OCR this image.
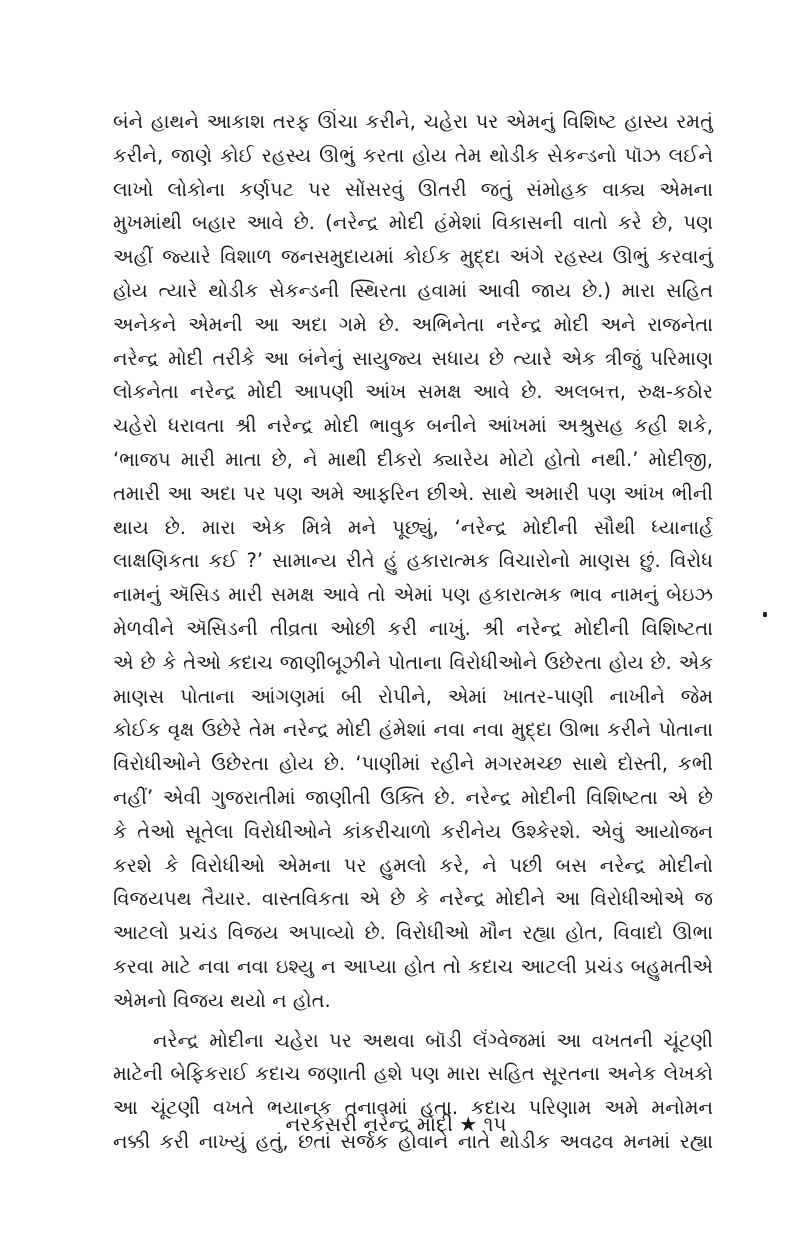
બંને હાથને આકાશ તરફ ઊંચા કરીને, ચહેરા પર એમનું વિશિષ્ટ હાસ્ય રમતું
કરીને, જાણે કોઈ રહસ્ય ઊભું કરતા હોય તેમ થોડીક સેકન્ડનો પૉઝ લઈને
લાખો લોકોના કર્ણપટ પર સોંસરવું ઊતરી જતું સંમોહક વાક્ય એમના
મુખમાંથી બહાર આવે છે. (નરેન્દ્ર મોદી હંમેશાં વિકાસની વાતો કરે છે, પણ
અહીં જ્યારે વિશાળ જનસમુદાયમાં કોઈક મુદ્દા અંગે રહસ્ય ઊભું કરવાનું
હોય ત્યારે થોડીક સેકન્ડની સ્થિરતા હવામાં આવી જાય છે.) મારા સહિત
અનેકને એમની આ અદા ગમે છે. અભિનેતા નરેન્દ્ર મોદી અને રાજનેતા
નરેન્દ્ર મોદી તરીકે આ બંનેનું સાયુજ્ય સધાય છે ત્યારે એક ત્રીજું પરિમાણ
લોકનેતા નરેન્દ્ર મોદી આપણી આંખ સમક્ષ આવે છે. અલબત્ત, રુક્ષ-કઠોર
ચહેરો ધરાવતા શ્રી નરેન્દ્ર મોદી ભાવુક બનીને આંખમાં અશ્રુસહ કહી શકે,
‘ભાજપ મારી માતા છે, ને માથી દીકરો ક્યારેય મોટો હોતો નથી.’ મોદીજી,
તમારી આ અદા પર પણ અમે આફરિન છીએ. સાથે અમારી પણ આંખ ભીની
થાય છે. મારા એક મિત્રે મને પૂછ્યું, ‘નરેન્દ્ર મોદીની સૌથી ધ્યાનાર્હ
લાક્ષણિકતા કઈ ?’ સામાન્ય રીતે હું હકારાત્મક વિચારોનો માણસ છું. વિરોધ
નામનું ઍસિડ મારી સમક્ષ આવે તો એમાં પણ હકારાત્મક ભાવ નામનું બેઇઝ
મેળવીને ઍસિડની તીવ્રતા ઓછી કરી નાખું. શ્રી નરેન્દ્ર મોદીની વિશિષ્ટતા
એ છે કે તેઓ કદાચ જાણીબૂઝીને પોતાના વિરોધીઓને ઉછેરતા હોય છે. એક
માણસ પોતાના આંગણમાં બી રોપીને, એમાં ખાતર-પાણી નાખીને જેમ
કોઈક વૃક્ષ ઉછેરે તેમ નરેન્દ્ર મોદી હંમેશાં નવા નવા મુદ્દા ઊભા કરીને પોતાના
વિરોધીઓને ઉછેરતા હોય છે. ‘પાણીમાં રહીને મગરમચ્છ સાથે દોસ્તી, કભી
નહીં’ એવી ગુજરાતીમાં જાણીતી ઉક્તિ છે. નરેન્દ્ર મોદીની વિશિષ્ટતા એ છે
કે તેઓ સૂતેલા વિરોધીઓને કાંકરીચાળો કરીનેય ઉશ્કેરશે. એવું આયોજન
કરશે કે વિરોધીઓ એમના પર હુમલો કરે, ને પછી બસ નરેન્દ્ર મોદીનો
વિજયપથ તૈયાર. વાસ્તવિકતા એ છે કે નરેન્દ્ર મોદીને આ વિરોધીઓએ જ
આટલો પ્રચંડ વિજય અપાવ્યો છે. વિરોધીઓ મૌન રહ્યા હોત, વિવાદો ઊભા
કરવા માટે નવા નવા ઇશ્યુ ન આપ્યા હોત તો કદાચ આટલી પ્રચંડ બહુમતીએ
એમનો વિજય થયો ન હોત.
નરેન્દ્ર મોદીના ચહેરા પર અથવા બૉડી લૅંગ્વેજમાં આ વખતની ચૂંટણી
માટેની બેફિકરાઈ કદાચ જણાતી હશે પણ મારા સહિત સૂરતના અનેક લેખકો
આ ચૂંટણી વખતે ભયાનક તનાવમાં હતા. કદાચ પરિણામ અમે મનોમન
નક્કી કરી નાખ્યું હતું, છતાં સર્જક હોવાને નાતે થોડીક અવઢવ મનમાં રહ્યા
નરકેસરી નરેન્દ્ર મોદી ★ ૧૫
